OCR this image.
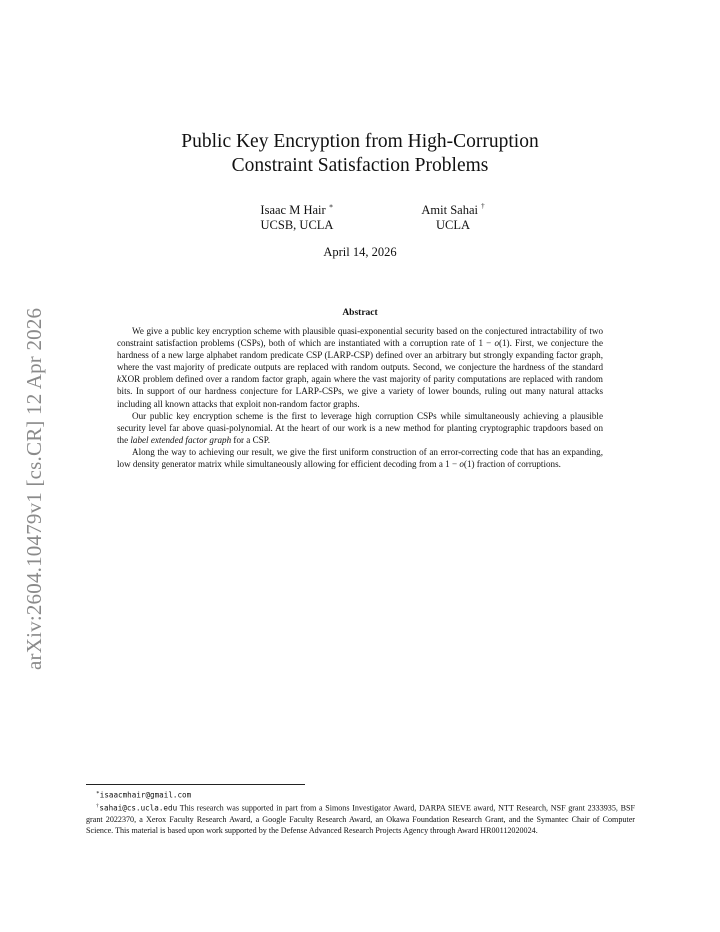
arXiv:2604.10479v1 [cs.CR] 12 Apr 2026
Public Key Encryption from High-Corruption
Constraint Satisfaction Problems
Isaac M Hair ∗
UCSB, UCLA
Amit Sahai †
UCLA
April 14, 2026
Abstract

We give a public key encryption scheme with plausible quasi-exponential security based on the conjectured intractability of two constraint satisfaction problems (CSPs), both of which are instantiated with a corruption rate of 1 − o(1). First, we conjecture the hardness of a new large alphabet random predicate CSP (LARP-CSP) defined over an arbitrary but strongly expanding factor graph, where the vast majority of predicate outputs are replaced with random outputs. Second, we conjecture the hardness of the standard kXOR problem defined over a random factor graph, again where the vast majority of parity computations are replaced with random bits. In support of our hardness conjecture for LARP-CSPs, we give a variety of lower bounds, ruling out many natural attacks including all known attacks that exploit non-random factor graphs.

Our public key encryption scheme is the first to leverage high corruption CSPs while simultaneously achieving a plausible security level far above quasi-polynomial. At the heart of our work is a new method for planting cryptographic trapdoors based on the label extended factor graph for a CSP.

Along the way to achieving our result, we give the first uniform construction of an error-correcting code that has an expanding, low density generator matrix while simultaneously allowing for efficient decoding from a 1 − o(1) fraction of corruptions.

∗isaacmhair@gmail.com

†sahai@cs.ucla.edu This research was supported in part from a Simons Investigator Award, DARPA SIEVE award, NTT Research, NSF grant 2333935, BSF grant 2022370, a Xerox Faculty Research Award, a Google Faculty Research Award, an Okawa Foundation Research Grant, and the Symantec Chair of Computer Science. This material is based upon work supported by the Defense Advanced Research Projects Agency through Award HR00112020024.
